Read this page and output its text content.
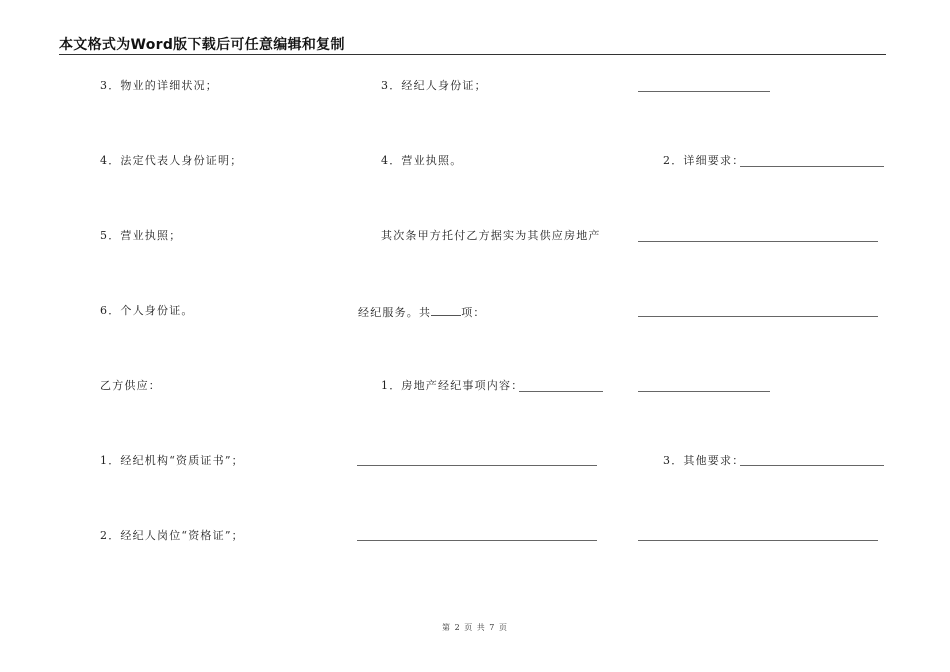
本文格式为Word版下载后可任意编辑和复制
3．物业的详细状况；
4．法定代表人身份证明；
5．营业执照；
6．个人身份证。
乙方供应：
1．经纪机构“资质证书”；
2．经纪人岗位“资格证”；
3．经纪人身份证；
4．营业执照。
其次条甲方托付乙方据实为其供应房地产
经纪服务。共	项：
1．房地产经纪事项内容：
2．详细要求：
3．其他要求：
第 2 页 共 7 页
